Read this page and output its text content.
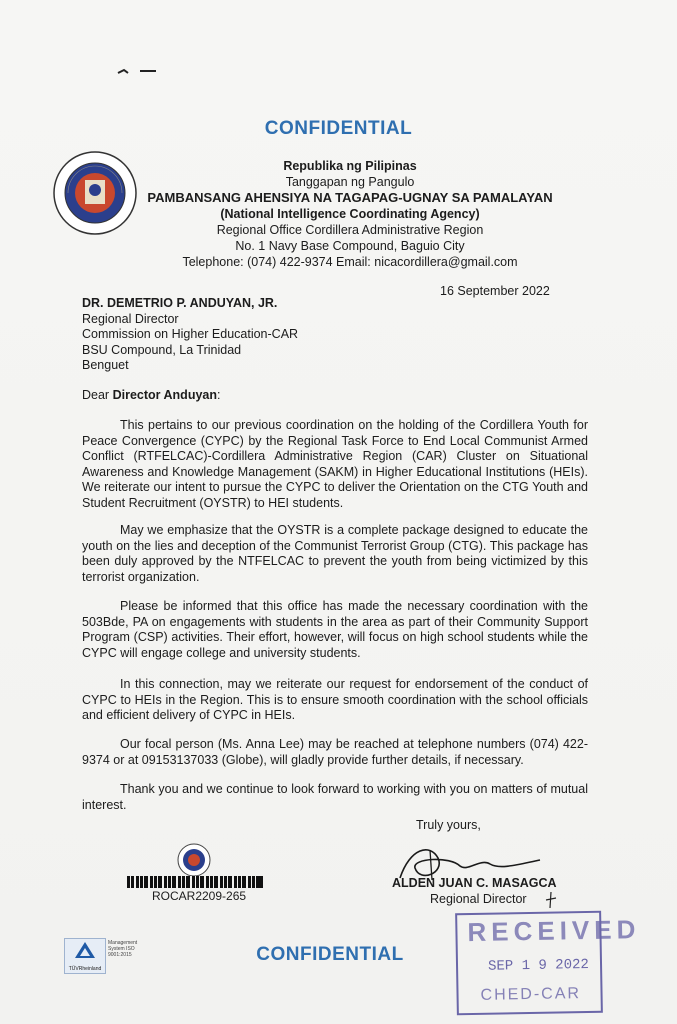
CONFIDENTIAL
Republika ng Pilipinas
Tanggapan ng Pangulo
PAMBANSANG AHENSIYA NA TAGAPAG-UGNAY SA PAMALAYAN
(National Intelligence Coordinating Agency)
Regional Office Cordillera Administrative Region
No. 1 Navy Base Compound, Baguio City
Telephone: (074) 422-9374 Email: nicacordillera@gmail.com
16 September 2022
DR. DEMETRIO P. ANDUYAN, JR.
Regional Director
Commission on Higher Education-CAR
BSU Compound, La Trinidad
Benguet
Dear Director Anduyan:
This pertains to our previous coordination on the holding of the Cordillera Youth for Peace Convergence (CYPC) by the Regional Task Force to End Local Communist Armed Conflict (RTFELCAC)-Cordillera Administrative Region (CAR) Cluster on Situational Awareness and Knowledge Management (SAKM) in Higher Educational Institutions (HEIs). We reiterate our intent to pursue the CYPC to deliver the Orientation on the CTG Youth and Student Recruitment (OYSTR) to HEI students.
May we emphasize that the OYSTR is a complete package designed to educate the youth on the lies and deception of the Communist Terrorist Group (CTG). This package has been duly approved by the NTFELCAC to prevent the youth from being victimized by this terrorist organization.
Please be informed that this office has made the necessary coordination with the 503Bde, PA on engagements with students in the area as part of their Community Support Program (CSP) activities. Their effort, however, will focus on high school students while the CYPC will engage college and university students.
In this connection, may we reiterate our request for endorsement of the conduct of CYPC to HEIs in the Region. This is to ensure smooth coordination with the school officials and efficient delivery of CYPC in HEIs.
Our focal person (Ms. Anna Lee) may be reached at telephone numbers (074) 422-9374 or at 09153137033 (Globe), will gladly provide further details, if necessary.
Thank you and we continue to look forward to working with you on matters of mutual interest.
Truly yours,
ROCAR2209-265
ALDEN JUAN C. MASAGCA
Regional Director
TÜVRheinland
Management System ISO 9001:2015	CONFIDENTIAL
RECEIVED
SEP 1 9 2022
CHED-CAR
